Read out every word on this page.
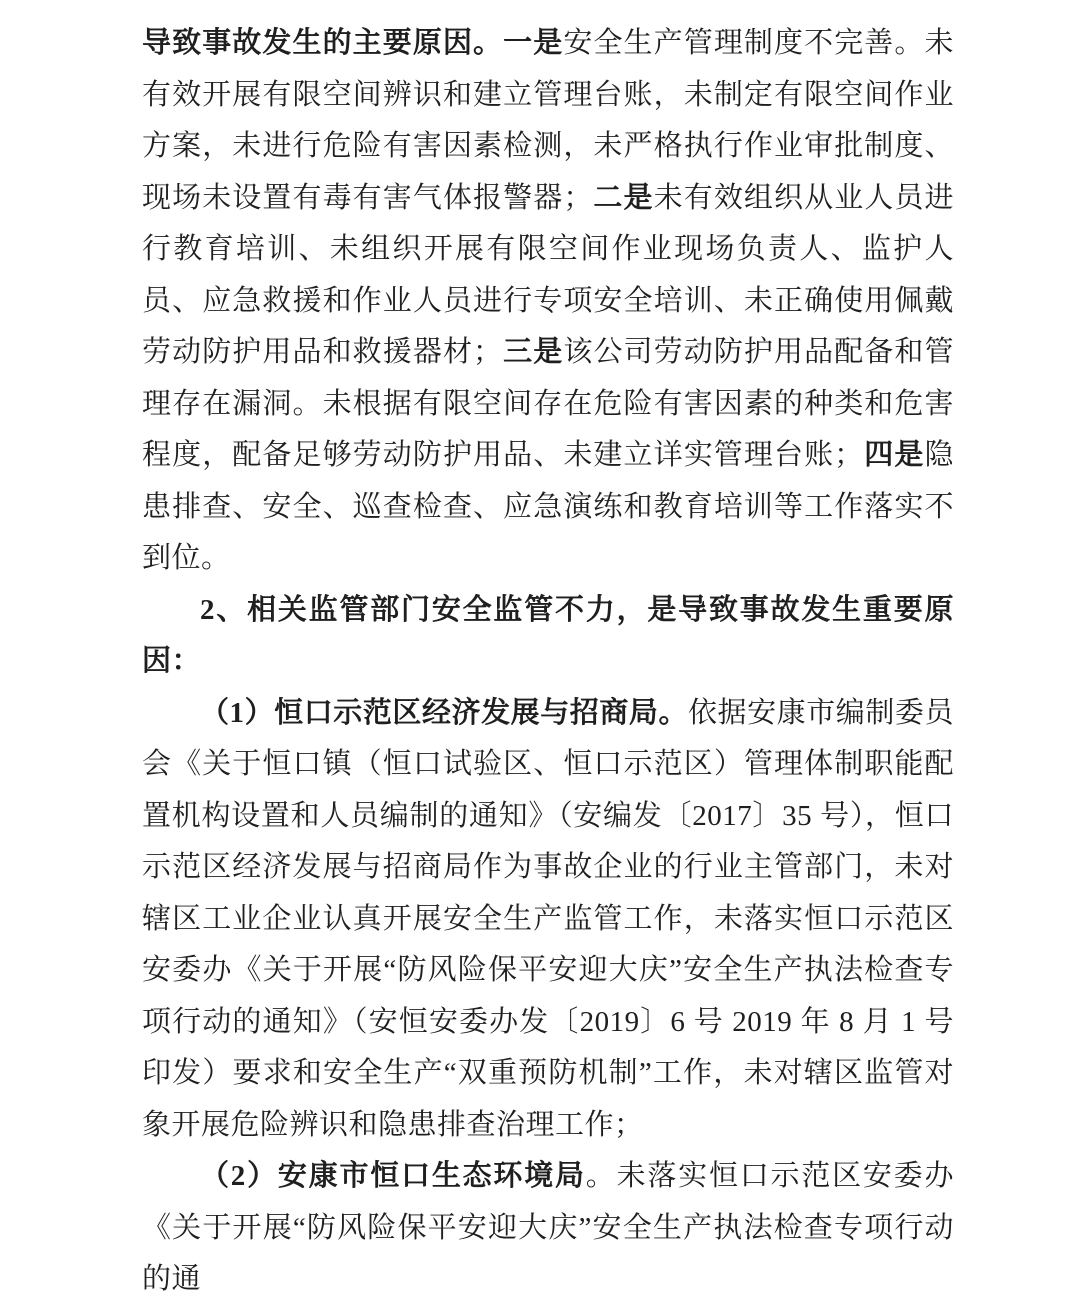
导致事故发生的主要原因。一是安全生产管理制度不完善。未有效开展有限空间辨识和建立管理台账，未制定有限空间作业方案，未进行危险有害因素检测，未严格执行作业审批制度、现场未设置有毒有害气体报警器；二是未有效组织从业人员进行教育培训、未组织开展有限空间作业现场负责人、监护人员、应急救援和作业人员进行专项安全培训、未正确使用佩戴劳动防护用品和救援器材；三是该公司劳动防护用品配备和管理存在漏洞。未根据有限空间存在危险有害因素的种类和危害程度，配备足够劳动防护用品、未建立详实管理台账；四是隐患排查、安全、巡查检查、应急演练和教育培训等工作落实不到位。

2、相关监管部门安全监管不力，是导致事故发生重要原因：

（1）恒口示范区经济发展与招商局。依据安康市编制委员会《关于恒口镇（恒口试验区、恒口示范区）管理体制职能配置机构设置和人员编制的通知》（安编发〔2017〕35 号），恒口示范区经济发展与招商局作为事故企业的行业主管部门，未对辖区工业企业认真开展安全生产监管工作，未落实恒口示范区安委办《关于开展“防风险保平安迎大庆”安全生产执法检查专项行动的通知》（安恒安委办发〔2019〕6 号 2019 年 8 月 1 号印发）要求和安全生产“双重预防机制”工作，未对辖区监管对象开展危险辨识和隐患排查治理工作；

（2）安康市恒口生态环境局。未落实恒口示范区安委办《关于开展“防风险保平安迎大庆”安全生产执法检查专项行动的通
